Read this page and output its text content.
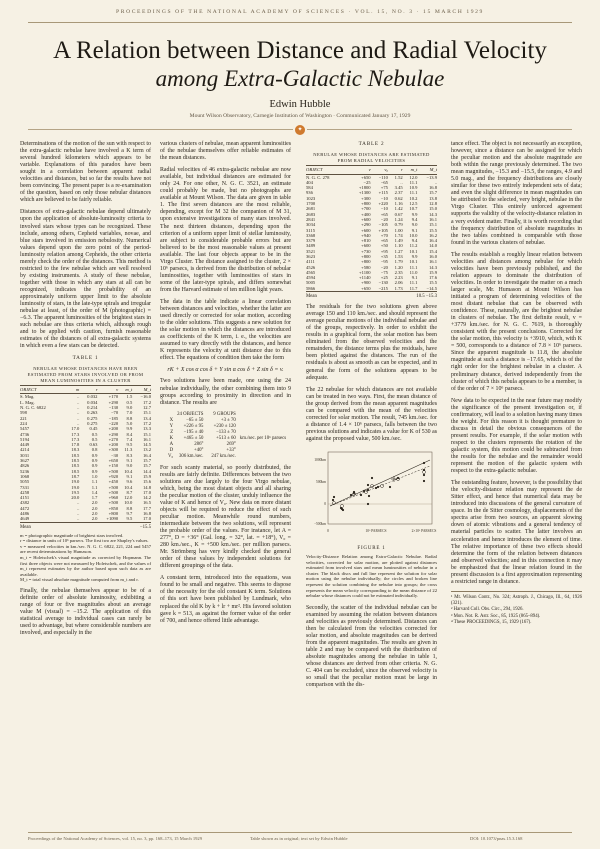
PROCEEDINGS OF THE NATIONAL ACADEMY OF SCIENCES · VOL. 15, NO. 3 · 15 MARCH 1929
A Relation between Distance and Radial Velocity
among Extra-Galactic Nebulae
Edwin Hubble
Mount Wilson Observatory, Carnegie Institution of Washington · Communicated January 17, 1929
✦

Determinations of the motion of the sun with respect to the extra-galactic nebulae have involved a K term of several hundred kilometers which appears to be variable. Explanations of this paradox have been sought in a correlation between apparent radial velocities and distances, but so far the results have not been convincing. The present paper is a re-examination of the question, based on only those nebular distances which are believed to be fairly reliable.

Distances of extra-galactic nebulae depend ultimately upon the application of absolute-luminosity criteria to involved stars whose types can be recognized. These include, among others, Cepheid variables, novae, and blue stars involved in emission nebulosity. Numerical values depend upon the zero point of the period-luminosity relation among Cepheids, the other criteria merely check the order of the distances. This method is restricted to the few nebulae which are well resolved by existing instruments. A study of these nebulae, together with those in which any stars at all can be recognized, indicates the probability of an approximately uniform upper limit to the absolute luminosity of stars, in the late-type spirals and irregular nebulae at least, of the order of M (photographic) = −6.3. The apparent luminosities of the brightest stars in such nebulae are thus criteria which, although rough and to be applied with caution, furnish reasonable estimates of the distances of all extra-galactic systems in which even a few stars can be detected.

TABLE 1
NEBULAE WHOSE DISTANCES HAVE BEEN ESTIMATED FROM STARS INVOLVED OR FROM MEAN LUMINOSITIES IN A CLUSTER
OBJECT	m	r	v	m_t	M_t
S. Mag.	..	0.032	+170	1.5	−16.0
L. Mag.	..	0.034	+290	0.5	17.2
N. G. C. 6822	..	0.214	−130	9.0	12.7
598	..	0.263	−70	7.0	15.1
221	..	0.275	−185	8.8	13.4
224	..	0.275	−220	5.0	17.2
5457	17.0	0.45	+200	9.9	13.3
4736	17.3	0.5	+290	8.4	15.1
5194	17.3	0.5	+270	7.4	16.1
4449	17.8	0.63	+200	9.5	14.5
4214	18.3	0.8	+300	11.3	13.2
3031	18.5	0.9	−30	8.3	16.4
3627	18.5	0.9	+650	9.1	15.7
4826	18.5	0.9	+150	9.0	15.7
5236	18.5	0.9	+500	10.4	14.4
1068	18.7	1.0	+920	9.1	15.9
5055	19.0	1.1	+450	9.6	15.6
7331	19.0	1.1	+500	10.4	14.8
4258	19.5	1.4	+500	8.7	17.0
4151	20.0	1.7	+960	12.0	14.2
4382	..	2.0	+500	10.0	16.5
4472	..	2.0	+850	8.8	17.7
4486	..	2.0	+800	9.7	16.8
4649	..	2.0	+1090	9.5	17.0
Mean	−15.5
m = photographic magnitude of brightest stars involved.
r = distance in units of 10⁶ parsecs. The first two are Shapley's values.
v = measured velocities in km./sec. N. G. C. 6822, 221, 224 and 5457 are recent determinations by Humason.
m_t = Holetschek's visual magnitude as corrected by Hopmann. The first three objects were not measured by Holetschek, and the values of m_t represent estimates by the author based upon such data as are available.
M_t = total visual absolute magnitude computed from m_t and r.

Finally, the nebulae themselves appear to be of a definite order of absolute luminosity, exhibiting a range of four or five magnitudes about an average value M (visual) = −15.2. The application of this statistical average to individual cases can rarely be used to advantage, but where considerable numbers are involved, and especially in the

various clusters of nebulae, mean apparent luminosities of the nebulae themselves offer reliable estimates of the mean distances.

Radial velocities of 46 extra-galactic nebulae are now available, but individual distances are estimated for only 24. For one other, N. G. C. 3521, an estimate could probably be made, but no photographs are available at Mount Wilson. The data are given in table 1. The first seven distances are the most reliable, depending, except for M 32 the companion of M 31, upon extensive investigations of many stars involved. The next thirteen distances, depending upon the criterion of a uniform upper limit of stellar luminosity, are subject to considerable probable errors but are believed to be the most reasonable values at present available. The last four objects appear to be in the Virgo Cluster. The distance assigned to the cluster, 2 × 10⁶ parsecs, is derived from the distribution of nebular luminosities, together with luminosities of stars in some of the later-type spirals, and differs somewhat from the Harvard estimate of ten million light years.

The data in the table indicate a linear correlation between distances and velocities, whether the latter are used directly or corrected for solar motion, according to the older solutions. This suggests a new solution for the solar motion in which the distances are introduced as coefficients of the K term, i. e., the velocities are assumed to vary directly with the distances, and hence K represents the velocity at unit distance due to this effect. The equations of condition then take the form

rK + X cos α cos δ + Y sin α cos δ + Z sin δ = v.

Two solutions have been made, one using the 24 nebulae individually, the other combining them into 9 groups according to proximity in direction and in distance. The results are

	24 OBJECTS		9 GROUPS	
X	−65 ± 50		+3 ± 70	
Y	+226 ± 95		+230 ± 120	
Z	−195 ± 40		−133 ± 70	
K	+465 ± 50		+513 ± 60	km./sec. per 10⁶ parsecs
A	286°		269°	
D	+40°		+33°	
V₀	306 km./sec.		247 km./sec.	

For such scanty material, so poorly distributed, the results are fairly definite. Differences between the two solutions are due largely to the four Virgo nebulae, which, being the most distant objects and all sharing the peculiar motion of the cluster, unduly influence the value of K and hence of V₀. New data on more distant objects will be required to reduce the effect of such peculiar motion. Meanwhile round numbers, intermediate between the two solutions, will represent the probable order of the values. For instance, let A = 277°, D = +36° (Gal. long. = 32°, lat. = +18°), V₀ = 280 km./sec., K = +500 km./sec. per million parsecs. Mr. Strömberg has very kindly checked the general order of these values by independent solutions for different groupings of the data.

A constant term, introduced into the equations, was found to be small and negative. This seems to dispose of the necessity for the old constant K term. Solutions of this sort have been published by Lundmark, who replaced the old K by k + lr + mr². His favored solution gave k = 513, as against the former value of the order of 700, and hence offered little advantage.

TABLE 2
NEBULAE WHOSE DISTANCES ARE ESTIMATED FROM RADIAL VELOCITIES
OBJECT	v	v₀	r	m_t	M_t
N. G. C. 278	+650	−110	1.52	12.0	−13.9
404	−25	−65	..	11.1	..
584	+1800	+75	3.45	10.9	16.8
936	+1300	+115	2.37	11.1	15.7
1023	+300	−10	0.62	10.2	13.8
1700	+800	+220	1.16	12.5	12.8
2681	+700	−10	1.42	10.7	15.0
2683	+400	+65	0.67	9.9	14.3
2841	+600	−20	1.24	9.4	16.1
3034	+290	−105	0.79	9.0	15.1
3115	+600	+105	1.00	9.1	15.5
3368	+940	+70	1.74	10.0	16.2
3379	+810	+65	1.49	9.4	16.4
3489	+600	+50	1.10	11.2	14.0
3521	+730	+95	1.27	10.1	15.4
3623	+800	+35	1.53	9.9	16.0
4111	+800	−95	1.79	10.1	16.1
4526	+580	−20	1.20	11.1	14.3
4565	+1100	−75	2.35	11.0	15.9
4594	+1140	+25	2.23	9.1	17.6
5005	+900	−130	2.06	11.1	15.5
5866	+650	−215	1.73	11.7	−14.5
Mean	10.5 −15.3

The residuals for the two solutions given above average 150 and 110 km./sec. and should represent the average peculiar motions of the individual nebulae and of the groups, respectively. In order to exhibit the results in a graphical form, the solar motion has been eliminated from the observed velocities and the remainders, the distance terms plus the residuals, have been plotted against the distances. The run of the residuals is about as smooth as can be expected, and in general the form of the solutions appears to be adequate.

The 22 nebulae for which distances are not available can be treated in two ways. First, the mean distance of the group derived from the mean apparent magnitudes can be compared with the mean of the velocities corrected for solar motion. The result, 745 km./sec. for a distance of 1.4 × 10⁶ parsecs, falls between the two previous solutions and indicates a value for K of 530 as against the proposed value, 500 km./sec.

1000km
500km
0
−500km
0	10⁶ PARSECS	2×10⁶ PARSECS
FIGURE 1
Velocity-Distance Relation among Extra-Galactic Nebulae. Radial velocities, corrected for solar motion, are plotted against distances estimated from involved stars and mean luminosities of nebulae in a cluster. The black discs and full line represent the solution for solar motion using the nebulae individually; the circles and broken line represent the solution combining the nebulae into groups; the cross represents the mean velocity corresponding to the mean distance of 22 nebulae whose distances could not be estimated individually.

Secondly, the scatter of the individual nebulae can be examined by assuming the relation between distances and velocities as previously determined. Distances can then be calculated from the velocities corrected for solar motion, and absolute magnitudes can be derived from the apparent magnitudes. The results are given in table 2 and may be compared with the distribution of absolute magnitudes among the nebulae in table 1, whose distances are derived from other criteria. N. G. C. 404 can be excluded, since the observed velocity is so small that the peculiar motion must be large in comparison with the dis-

tance effect. The object is not necessarily an exception, however, since a distance can be assigned for which the peculiar motion and the absolute magnitude are both within the range previously determined. The two mean magnitudes, −15.3 and −15.5, the ranges, 4.9 and 5.0 mag., and the frequency distributions are closely similar for these two entirely independent sets of data; and even the slight difference in mean magnitudes can be attributed to the selected, very bright, nebulae in the Virgo Cluster. This entirely unforced agreement supports the validity of the velocity-distance relation in a very evident matter. Finally, it is worth recording that the frequency distribution of absolute magnitudes in the two tables combined is comparable with those found in the various clusters of nebulae.

The results establish a roughly linear relation between velocities and distances among nebulae for which velocities have been previously published, and the relation appears to dominate the distribution of velocities. In order to investigate the matter on a much larger scale, Mr. Humason at Mount Wilson has initiated a program of determining velocities of the most distant nebulae that can be observed with confidence. These, naturally, are the brightest nebulae in clusters of nebulae. The first definite result, v = +3779 km./sec. for N. G. C. 7619, is thoroughly consistent with the present conclusions. Corrected for the solar motion, this velocity is +3910, which, with K = 500, corresponds to a distance of 7.8 × 10⁶ parsecs. Since the apparent magnitude is 11.8, the absolute magnitude at such a distance is −17.65, which is of the right order for the brightest nebulae in a cluster. A preliminary distance, derived independently from the cluster of which this nebula appears to be a member, is of the order of 7 × 10⁶ parsecs.

New data to be expected in the near future may modify the significance of the present investigation or, if confirmatory, will lead to a solution having many times the weight. For this reason it is thought premature to discuss in detail the obvious consequences of the present results. For example, if the solar motion with respect to the clusters represents the rotation of the galactic system, this motion could be subtracted from the results for the nebulae and the remainder would represent the motion of the galactic system with respect to the extra-galactic nebulae.

The outstanding feature, however, is the possibility that the velocity-distance relation may represent the de Sitter effect, and hence that numerical data may be introduced into discussions of the general curvature of space. In the de Sitter cosmology, displacements of the spectra arise from two sources, an apparent slowing down of atomic vibrations and a general tendency of material particles to scatter. The latter involves an acceleration and hence introduces the element of time. The relative importance of these two effects should determine the form of the relation between distances and observed velocities; and in this connection it may be emphasized that the linear relation found in the present discussion is a first approximation representing a restricted range in distance.

¹ Mt. Wilson Contr., No. 324; Astroph. J., Chicago, Ill., 64, 1926 (321).
² Harvard Coll. Obs. Circ., 294, 1926.
³ Mon. Not. R. Astr. Soc., 85, 1925 (865–894).
⁴ These PROCEEDINGS, 15, 1929 (167).
Proceedings of the National Academy of Sciences, vol. 15, no. 3, pp. 168–173, 15 March 1929	Table shown as in original; text set by Edwin Hubble	DOI: 10.1073/pnas.15.3.168
